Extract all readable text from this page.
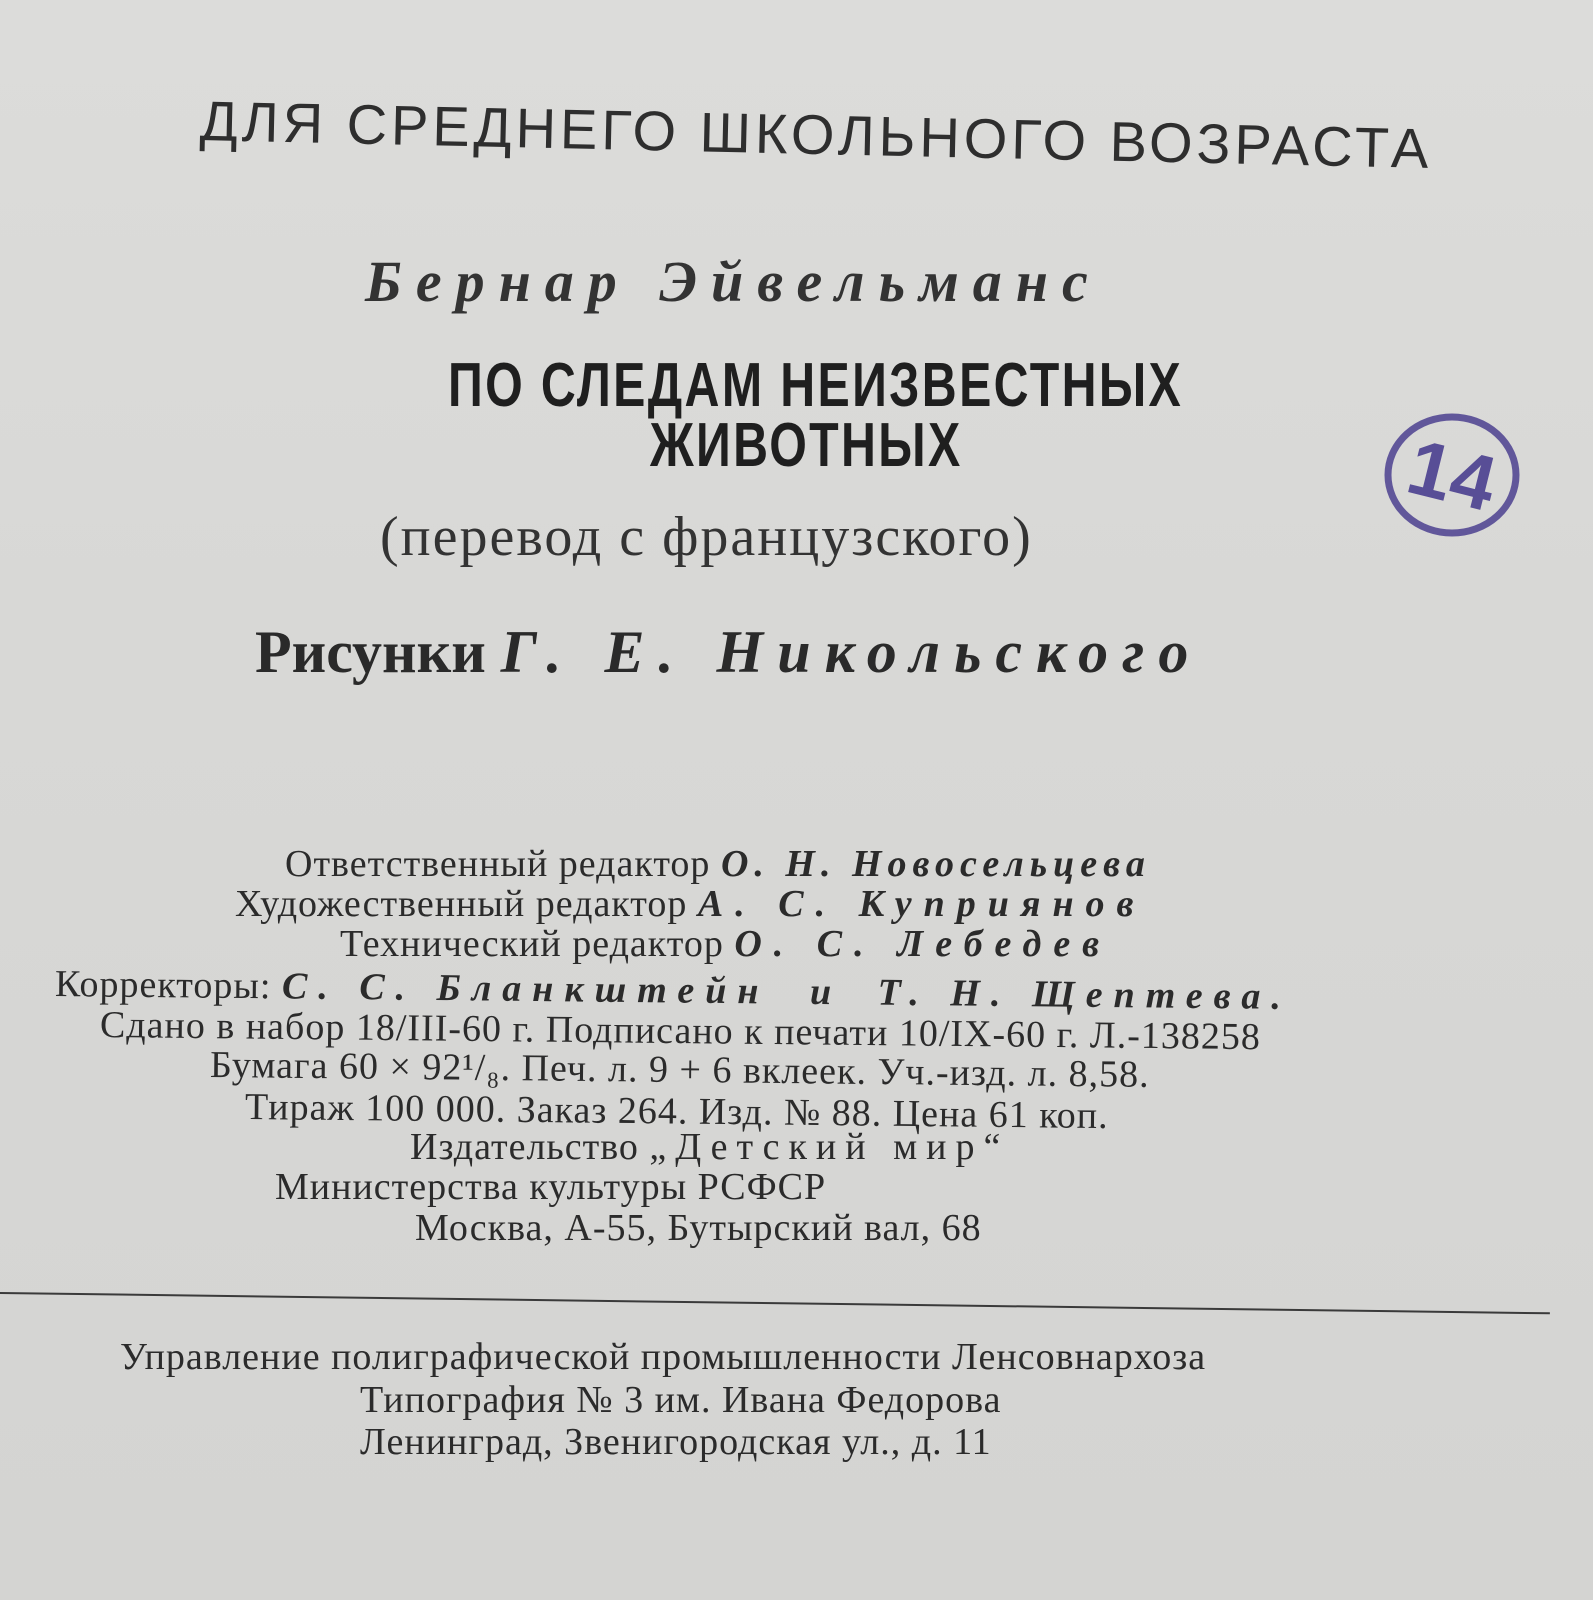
ДЛЯ СРЕДНЕГО ШКОЛЬНОГО ВОЗРАСТА
Бернар Эйвельманс
ПО СЛЕДАМ НЕИЗВЕСТНЫХ
ЖИВОТНЫХ
(перевод с французского)
Рисунки Г. Е. Никольского
14
Ответственный редактор О. Н. Новосельцева
Художественный редактор А. С. Куприянов
Технический редактор О. С. Лебедев
Корректоры: С. С. Бланкштейн и Т. Н. Щептева.
Сдано в набор 18/III-60 г. Подписано к печати 10/IX-60 г. Л.-138258
Бумага 60 × 92¹/₈. Печ. л. 9 + 6 вклеек. Уч.-изд. л. 8,58.
Тираж 100 000. Заказ 264. Изд. № 88. Цена 61 коп.
Издательство „Детский мир“
Министерства культуры РСФСР
Москва, А-55, Бутырский вал, 68
Управление полиграфической промышленности Ленсовнархоза
Типография № 3 им. Ивана Федорова
Ленинград, Звенигородская ул., д. 11
